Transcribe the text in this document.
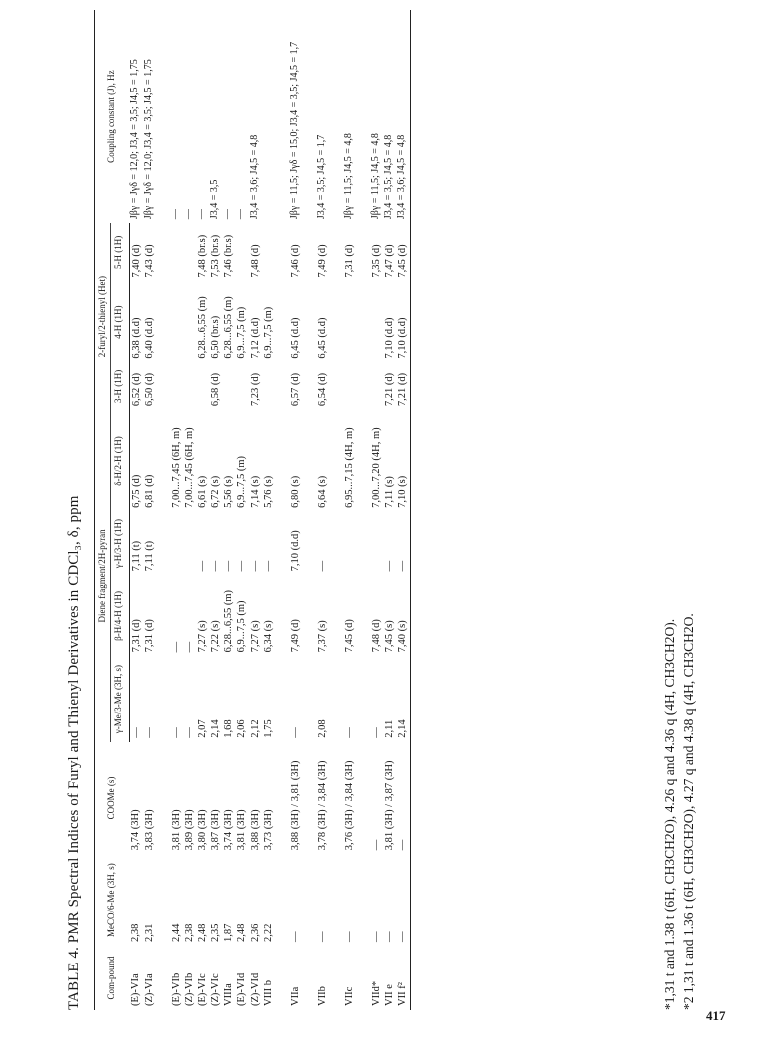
TABLE 4. PMR Spectral Indices of Furyl and Thienyl Derivatives in CDCl₃, δ, ppm	Com-pound	MeCO/6-Me (3H, s)	COOMe (s)	Diene fragment/2H-pyran				2-furyl/2-thienyl (Het)			Coupling constant (J), Hz
			γ-Me/3-Me (3H, s)	β-H/4-H (1H)	γ-H/3-H (1H)	δ-H/2-H (1H)	3-H (1H)	4-H (1H)	5-H (1H)	

(E)-VIa	2,38	3,74 (3H)	—	7,31 (d)	7,11 (t)	6,75 (d)	6,52 (d)	6,38 (d.d)	7,40 (d)	Jβγ = Jγδ = 12,0; J3,4 = 3,5; J4,5 = 1,75
(Z)-VIa	2,31	3,83 (3H)	—	7,31 (d)	7,11 (t)	6,81 (d)	6,50 (d)	6,40 (d.d)	7,43 (d)	Jβγ = Jγδ = 12,0; J3,4 = 3,5; J4,5 = 1,75

(E)-VIb	2,44	3,81 (3H)	—	—		7,00...7,45 (6H, m)				—
(Z)-VIb	2,38	3,89 (3H)	—	—		7,00...7,45 (6H, m)				—
(E)-VIc	2,48	3,80 (3H)	2,07	7,27 (s)	—	6,61 (s)		6,28...6,55 (m)	7,48 (br.s)	—
(Z)-VIc	2,35	3,87 (3H)	2,14	7,22 (s)	—	6,72 (s)	6,58 (d)	6,50 (br.s)	7,53 (br.s)	J3,4 = 3,5
VIIIa	1,87	3,74 (3H)	1,68	6,28...6,55 (m)	—	5,56 (s)		6,28...6,55 (m)	7,46 (br.s)	—
(E)-VId	2,48	3,81 (3H)	2,06	6,9...7,5 (m)	—	6,9...7,5 (m)		6,9...7,5 (m)		—
(Z)-VId	2,36	3,88 (3H)	2,12	7,27 (s)	—	7,14 (s)	7,23 (d)	7,12 (d.d)	7,48 (d)	J3,4 = 3,6; J4,5 = 4,8
VIII b	2,22	3,73 (3H)	1,75	6,34 (s)	—	5,76 (s)		6,9...7,5 (m)		

VIIa	—	3,88 (3H) / 3,81 (3H)	—	7,49 (d)	7,10 (d.d)	6,80 (s)	6,57 (d)	6,45 (d.d)	7,46 (d)	Jβγ = 11,5; Jγδ = 15,0; J3,4 = 3,5; J4,5 = 1,7

VIIb	—	3,78 (3H) / 3,84 (3H)	2,08	7,37 (s)	—	6,64 (s)	6,54 (d)	6,45 (d.d)	7,49 (d)	J3,4 = 3,5; J4,5 = 1,7

VIIc	—	3,76 (3H) / 3,84 (3H)	—	7,45 (d)		6,95...7,15 (4H, m)			7,31 (d)	Jβγ = 11,5; J4,5 = 4,8

VIId*	—	—	—	7,48 (d)		7,00...7,20 (4H, m)			7,35 (d)	Jβγ = 11,5; J4,5 = 4,8
VII e	—	3,81 (3H) / 3,87 (3H)	2,11	7,45 (s)	—	7,11 (s)	7,21 (d)	7,10 (d.d)	7,47 (d)	J3,4 = 3,5; J4,5 = 4,8
VII f²	—	—	2,14	7,40 (s)	—	7,10 (s)	7,21 (d)	7,10 (d.d)	7,45 (d)	J3,4 = 3,6; J4,5 = 4,8
*1,31 t and 1.38 t (6H, CH3CH2O), 4.26 q and 4.36 q (4H, CH3CH2O). *2 1,31 t and 1.36 t (6H, CH3CH2O), 4.27 q and 4.38 q (4H, CH3CH2O.
417
